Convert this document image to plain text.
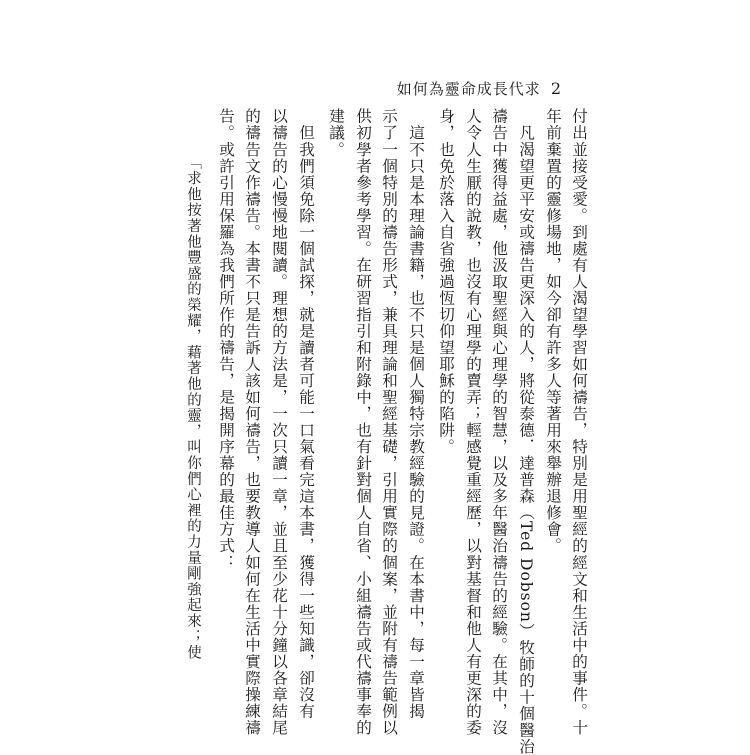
如何為靈命成長代求 2
付出並接受愛。到處有人渴望學習如何禱告，特別是用聖經的經文和生活中的事件。十
年前棄置的靈修場地，如今卻有許多人等著用來舉辦退修會。
　凡渴望更平安或禱告更深入的人，將從泰德．達普森（Ted Dobson）牧師的十個醫治
禱告中獲得益處，他汲取聖經與心理學的智慧，以及多年醫治禱告的經驗。在其中，沒
人令人生厭的說教，也沒有心理學的賣弄；輕感覺重經歷，以對基督和他人有更深的委
身，也免於落入自省強過恆切仰望耶穌的陷阱。
　這不只是本理論書籍，也不只是個人獨特宗教經驗的見證。在本書中，每一章皆揭
示了一個特別的禱告形式，兼具理論和聖經基礎，引用實際的個案，並附有禱告範例以
供初學者參考學習。在研習指引和附錄中，也有針對個人自省、小組禱告或代禱事奉的
建議。
　但我們須免除一個試探，就是讀者可能一口氣看完這本書，獲得一些知識，卻沒有
以禱告的心慢慢地閱讀。理想的方法是，一次只讀一章，並且至少花十分鐘以各章結尾
的禱告文作禱告。本書不只是告訴人該如何禱告，也要教導人如何在生活中實際操練禱
告。或許引用保羅為我們所作的禱告，是揭開序幕的最佳方式：
「求他按著他豐盛的榮耀，藉著他的靈，叫你們心裡的力量剛強起來；使
